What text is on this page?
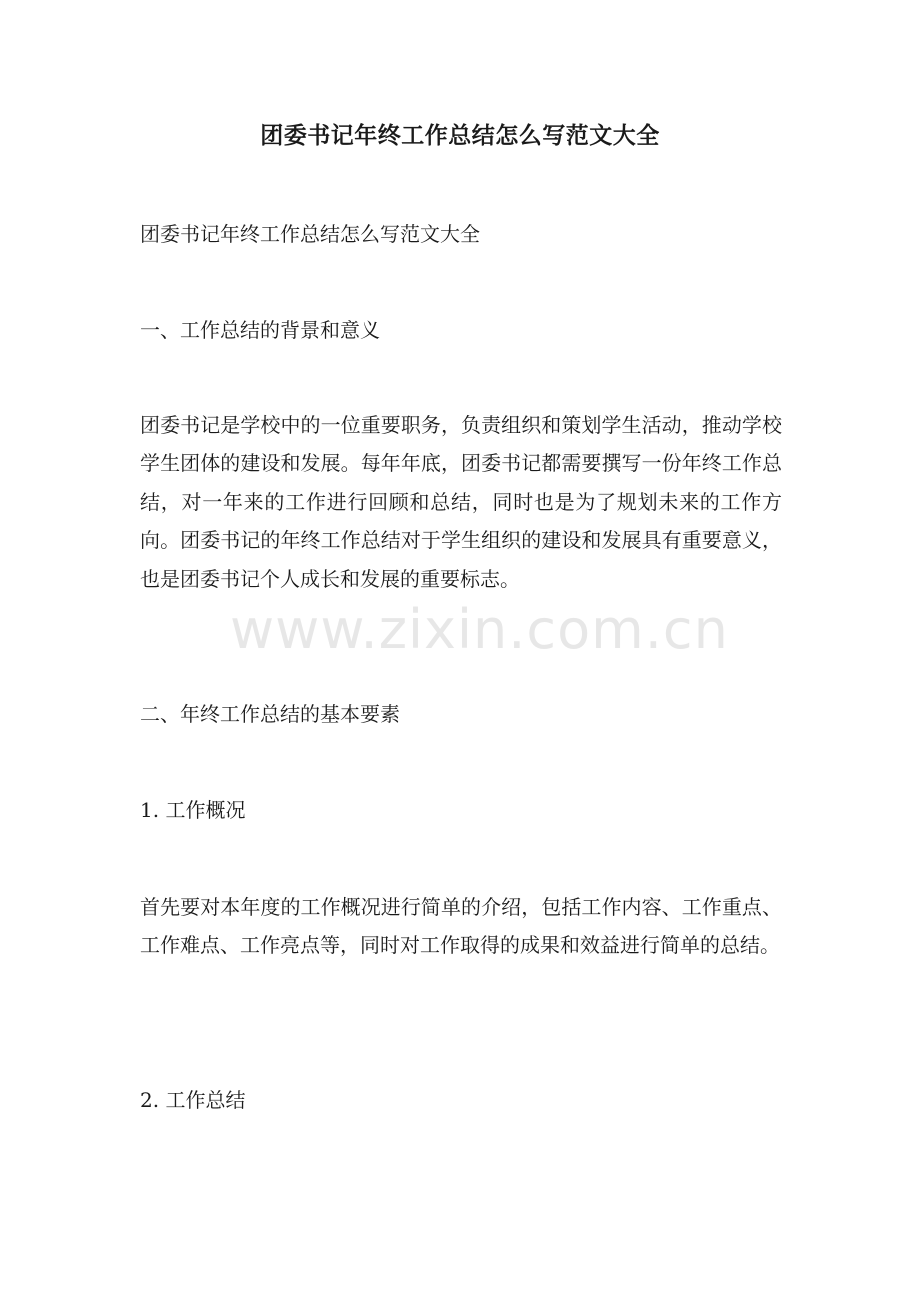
团委书记年终工作总结怎么写范文大全
团委书记年终工作总结怎么写范文大全
一、工作总结的背景和意义
团委书记是学校中的一位重要职务，负责组织和策划学生活动，推动学校学生团体的建设和发展。每年年底，团委书记都需要撰写一份年终工作总结，对一年来的工作进行回顾和总结，同时也是为了规划未来的工作方向。团委书记的年终工作总结对于学生组织的建设和发展具有重要意义，也是团委书记个人成长和发展的重要标志。
www.zixin.com.cn
二、年终工作总结的基本要素
1. 工作概况
首先要对本年度的工作概况进行简单的介绍，包括工作内容、工作重点、工作难点、工作亮点等，同时对工作取得的成果和效益进行简单的总结。
2. 工作总结
